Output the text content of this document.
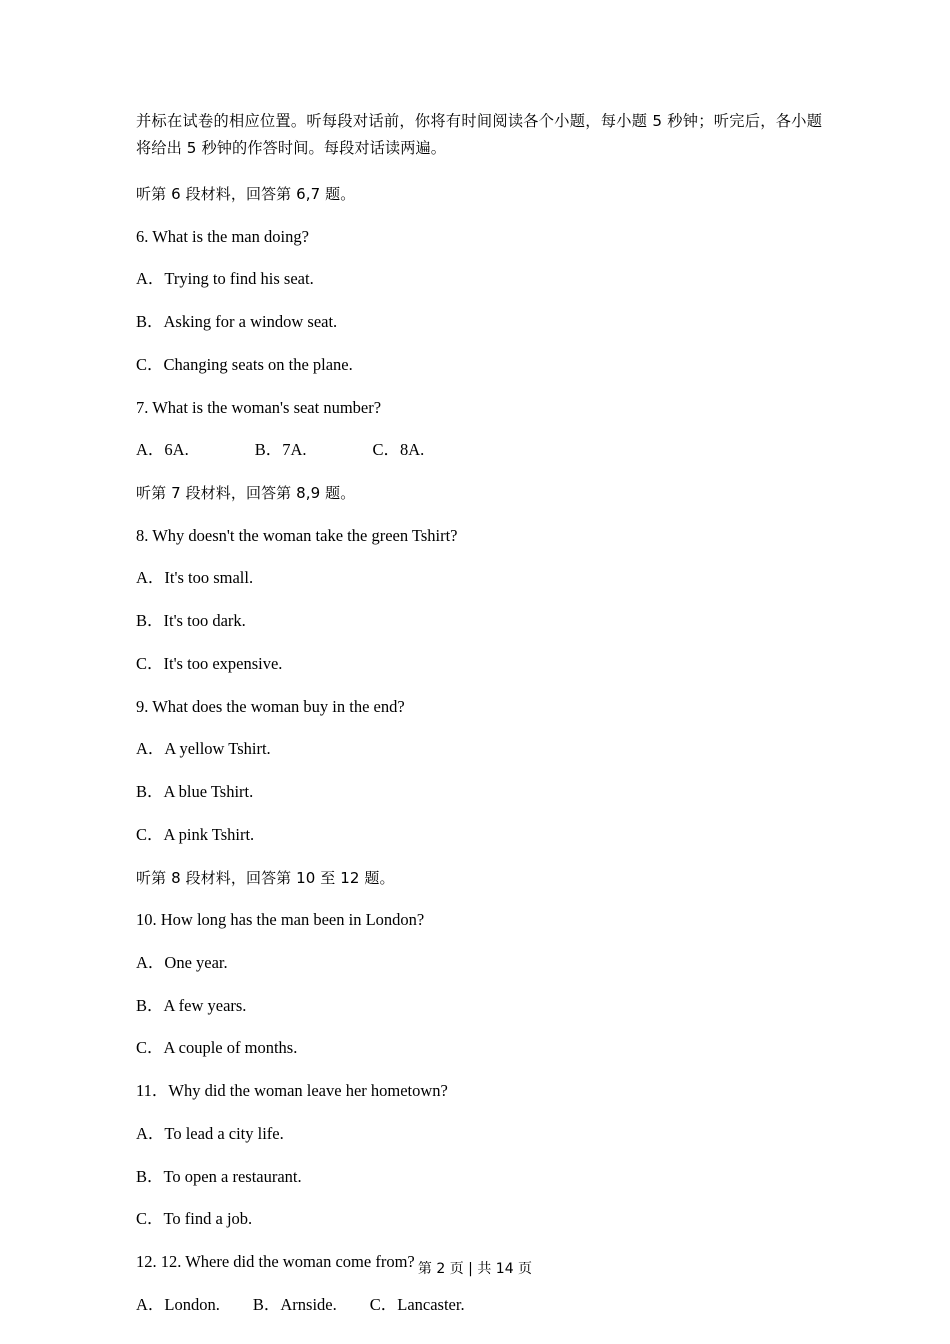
并标在试卷的相应位置。听每段对话前，你将有时间阅读各个小题，每小题 5 秒钟；听完后，各小题将给出 5 秒钟的作答时间。每段对话读两遍。

听第 6 段材料，回答第 6,7 题。

6. What is the man doing?

A．Trying to find his seat.

B．Asking for a window seat.

C．Changing seats on the plane.

7. What is the woman's seat number?

A．6A.                B．7A.                C．8A.

听第 7 段材料，回答第 8,9 题。

8. Why doesn't the woman take the green Tshirt?

A．It's too small.

B．It's too dark.

C．It's too expensive.

9. What does the woman buy in the end?

A．A yellow Tshirt.

B．A blue Tshirt.

C．A pink Tshirt.

听第 8 段材料，回答第 10 至 12 题。

10. How long has the man been in London?

A．One year.

B．A few years.

C．A couple of months.

11．Why did the woman leave her hometown?

A．To lead a city life.

B．To open a restaurant.

C．To find a job.

12. 12. Where did the woman come from?

A．London.        B．Arnside.        C．Lancaster.

第 2 页 | 共 14 页
